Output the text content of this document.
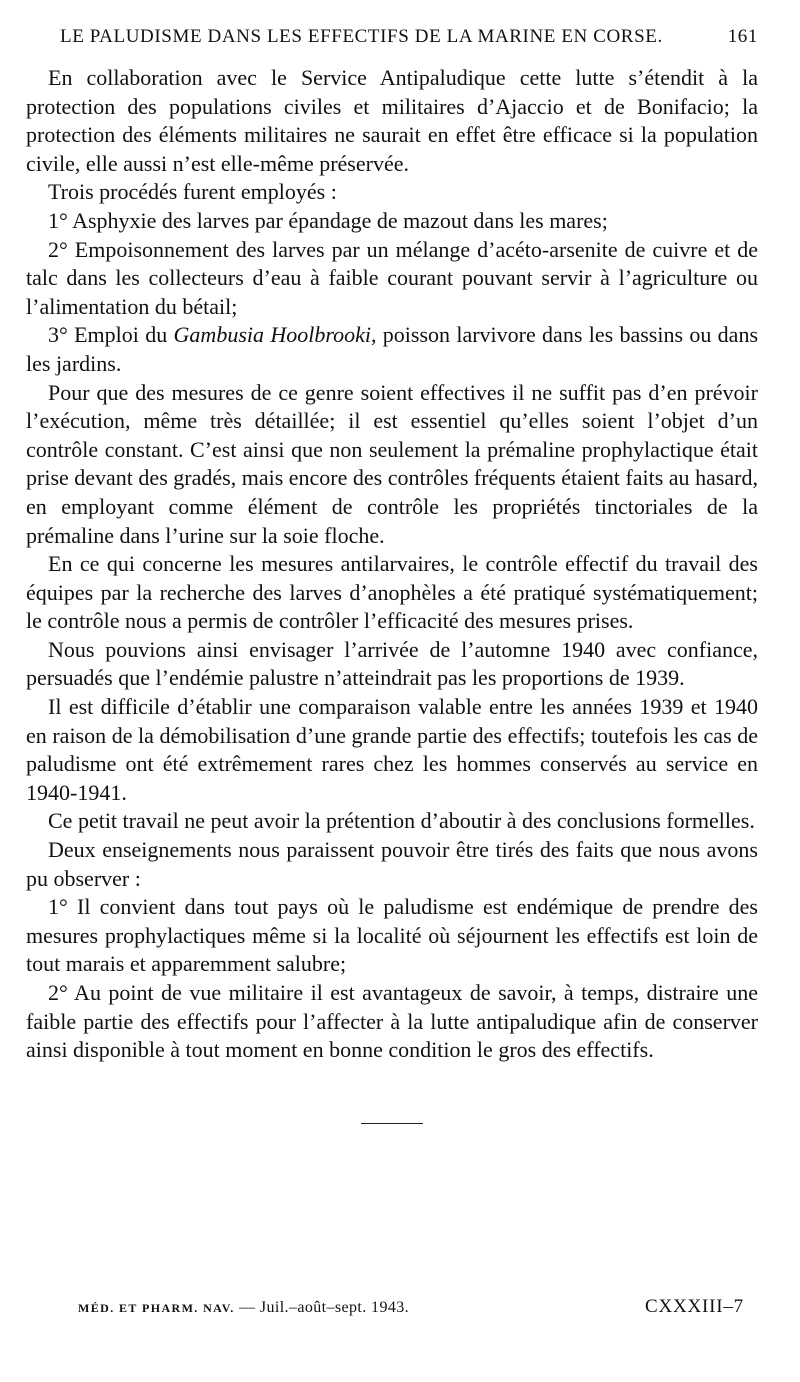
LE PALUDISME DANS LES EFFECTIFS DE LA MARINE EN CORSE.	161

En collaboration avec le Service Antipaludique cette lutte s’étendit à la protection des populations civiles et militaires d’Ajaccio et de Bonifacio; la protection des éléments militaires ne saurait en effet être efficace si la population civile, elle aussi n’est elle-même préservée.

Trois procédés furent employés :

1° Asphyxie des larves par épandage de mazout dans les mares;

2° Empoisonnement des larves par un mélange d’acéto-arsenite de cuivre et de talc dans les collecteurs d’eau à faible courant pouvant servir à l’agriculture ou l’alimentation du bétail;

3° Emploi du Gambusia Hoolbrooki, poisson larvivore dans les bassins ou dans les jardins.

Pour que des mesures de ce genre soient effectives il ne suffit pas d’en prévoir l’exécution, même très détaillée; il est essentiel qu’elles soient l’objet d’un contrôle constant. C’est ainsi que non seulement la prémaline prophylactique était prise devant des gradés, mais encore des contrôles fréquents étaient faits au hasard, en employant comme élément de contrôle les propriétés tinctoriales de la prémaline dans l’urine sur la soie floche.

En ce qui concerne les mesures antilarvaires, le contrôle effectif du travail des équipes par la recherche des larves d’anophèles a été pratiqué systématiquement; le contrôle nous a permis de contrôler l’efficacité des mesures prises.

Nous pouvions ainsi envisager l’arrivée de l’automne 1940 avec confiance, persuadés que l’endémie palustre n’atteindrait pas les proportions de 1939.

Il est difficile d’établir une comparaison valable entre les années 1939 et 1940 en raison de la démobilisation d’une grande partie des effectifs; toutefois les cas de paludisme ont été extrêmement rares chez les hommes conservés au service en 1940-1941.

Ce petit travail ne peut avoir la prétention d’aboutir à des conclusions formelles.

Deux enseignements nous paraissent pouvoir être tirés des faits que nous avons pu observer :

1° Il convient dans tout pays où le paludisme est endémique de prendre des mesures prophylactiques même si la localité où séjournent les effectifs est loin de tout marais et apparemment salubre;

2° Au point de vue militaire il est avantageux de savoir, à temps, distraire une faible partie des effectifs pour l’affecter à la lutte antipaludique afin de conserver ainsi disponible à tout moment en bonne condition le gros des effectifs.

MÉD. ET PHARM. NAV. — Juil.–août–sept. 1943.	CXXXIII–7
